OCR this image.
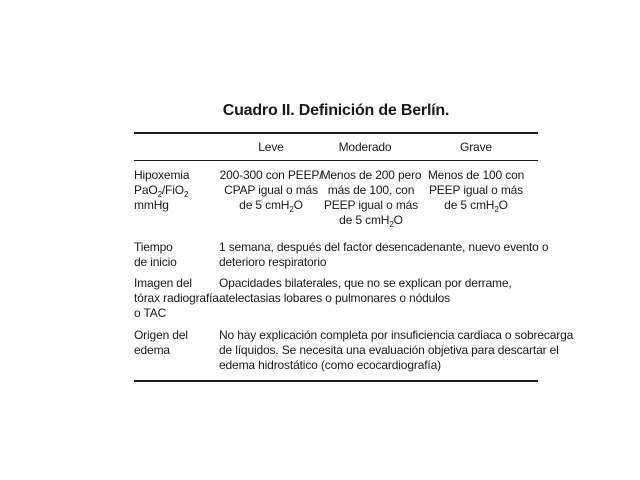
Cuadro II. Definición de Berlín.
Leve	Moderado	Grave
Hipoxemia
PaO$_2$/FiO$_2$
mmHg
200-300 con PEEP/
CPAP igual o más
de 5 cmH$_2$O
Menos de 200 pero
más de 100, con
PEEP igual o más
de 5 cmH$_2$O
Menos de 100 con
PEEP igual o más
de 5 cmH$_2$O
Tiempo
de inicio
1 semana, después del factor desencadenante, nuevo evento o
deterioro respiratorio
Imagen del
tórax radiografía
o TAC
Opacidades bilaterales, que no se explican por derrame,
atelectasias lobares o pulmonares o nódulos
Origen del
edema
No hay explicación completa por insuficiencia cardiaca o sobrecarga
de líquidos. Se necesita una evaluación objetiva para descartar el
edema hidrostático (como ecocardiografía)
